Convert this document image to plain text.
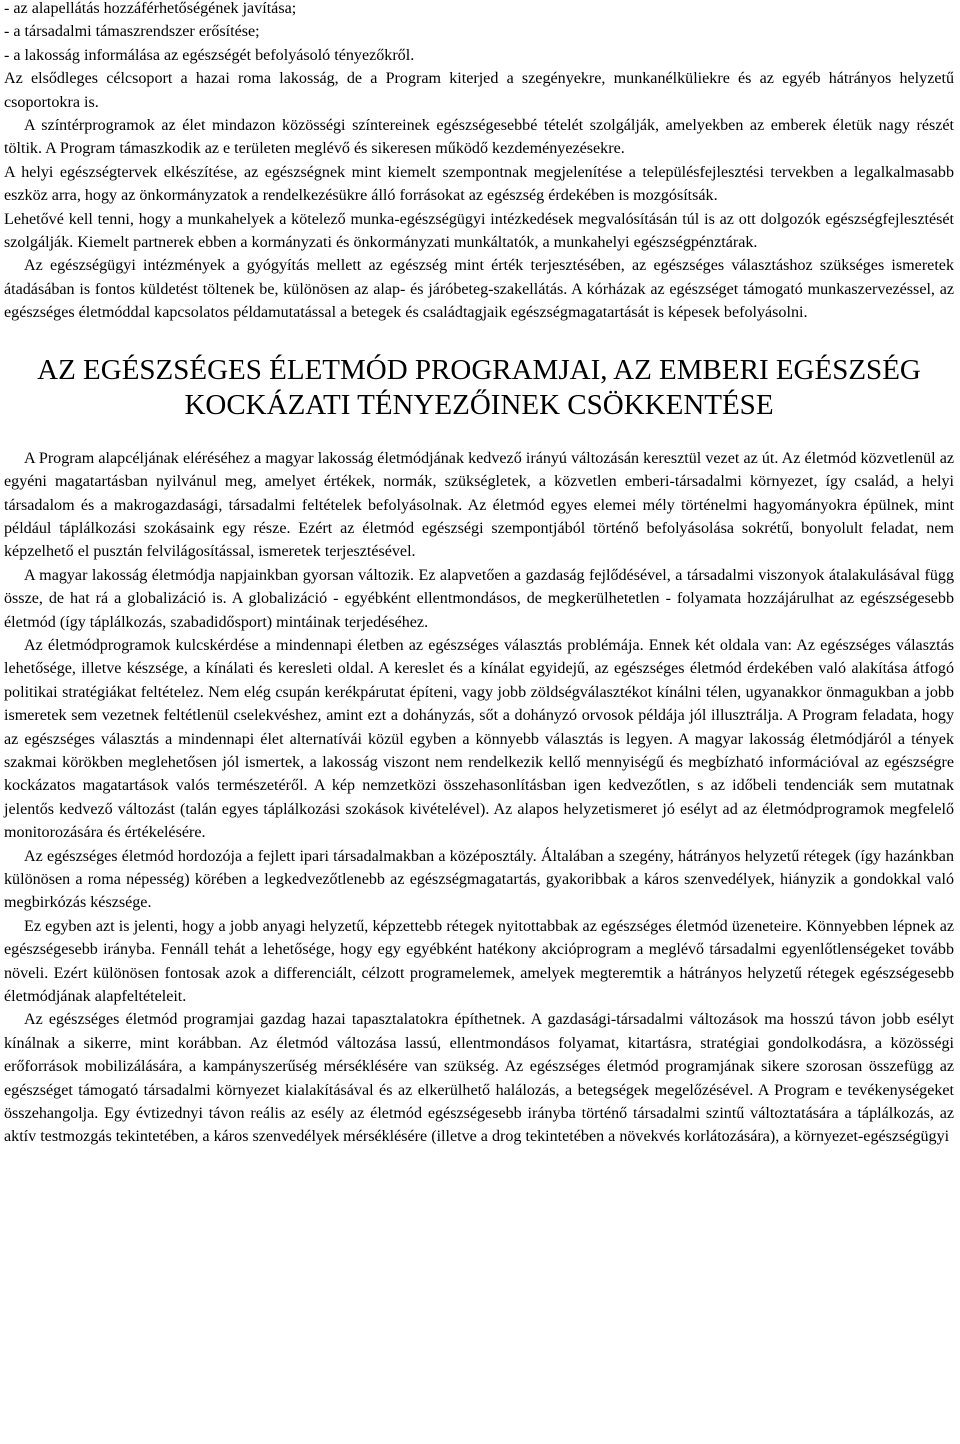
- az alapellátás hozzáférhetőségének javítása;
- a társadalmi támaszrendszer erősítése;
- a lakosság informálása az egészségét befolyásoló tényezőkről.

Az elsődleges célcsoport a hazai roma lakosság, de a Program kiterjed a szegényekre, munkanélküliekre és az egyéb hátrányos helyzetű csoportokra is.

A színtérprogramok az élet mindazon közösségi színtereinek egészségesebbé tételét szolgálják, amelyekben az emberek életük nagy részét töltik. A Program támaszkodik az e területen meglévő és sikeresen működő kezdeményezésekre.

A helyi egészségtervek elkészítése, az egészségnek mint kiemelt szempontnak megjelenítése a településfejlesztési tervekben a legalkalmasabb eszköz arra, hogy az önkormányzatok a rendelkezésükre álló forrásokat az egészség érdekében is mozgósítsák.

Lehetővé kell tenni, hogy a munkahelyek a kötelező munka-egészségügyi intézkedések megvalósításán túl is az ott dolgozók egészségfejlesztését szolgálják. Kiemelt partnerek ebben a kormányzati és önkormányzati munkáltatók, a munkahelyi egészségpénztárak.

Az egészségügyi intézmények a gyógyítás mellett az egészség mint érték terjesztésében, az egészséges választáshoz szükséges ismeretek átadásában is fontos küldetést töltenek be, különösen az alap- és járóbeteg-szakellátás. A kórházak az egészséget támogató munkaszervezéssel, az egészséges életmóddal kapcsolatos példamutatással a betegek és családtagjaik egészségmagatartását is képesek befolyásolni.

AZ EGÉSZSÉGES ÉLETMÓD PROGRAMJAI, AZ EMBERI EGÉSZSÉG
KOCKÁZATI TÉNYEZŐINEK CSÖKKENTÉSE

A Program alapcéljának eléréséhez a magyar lakosság életmódjának kedvező irányú változásán keresztül vezet az út. Az életmód közvetlenül az egyéni magatartásban nyilvánul meg, amelyet értékek, normák, szükségletek, a közvetlen emberi-társadalmi környezet, így család, a helyi társadalom és a makrogazdasági, társadalmi feltételek befolyásolnak. Az életmód egyes elemei mély történelmi hagyományokra épülnek, mint például táplálkozási szokásaink egy része. Ezért az életmód egészségi szempontjából történő befolyásolása sokrétű, bonyolult feladat, nem képzelhető el pusztán felvilágosítással, ismeretek terjesztésével.

A magyar lakosság életmódja napjainkban gyorsan változik. Ez alapvetően a gazdaság fejlődésével, a társadalmi viszonyok átalakulásával függ össze, de hat rá a globalizáció is. A globalizáció - egyébként ellentmondásos, de megkerülhetetlen - folyamata hozzájárulhat az egészségesebb életmód (így táplálkozás, szabadidősport) mintáinak terjedéséhez.

Az életmódprogramok kulcskérdése a mindennapi életben az egészséges választás problémája. Ennek két oldala van: Az egészséges választás lehetősége, illetve készsége, a kínálati és keresleti oldal. A kereslet és a kínálat egyidejű, az egészséges életmód érdekében való alakítása átfogó politikai stratégiákat feltételez. Nem elég csupán kerékpárutat építeni, vagy jobb zöldségválasztékot kínálni télen, ugyanakkor önmagukban a jobb ismeretek sem vezetnek feltétlenül cselekvéshez, amint ezt a dohányzás, sőt a dohányzó orvosok példája jól illusztrálja. A Program feladata, hogy az egészséges választás a mindennapi élet alternatívái közül egyben a könnyebb választás is legyen. A magyar lakosság életmódjáról a tények szakmai körökben meglehetősen jól ismertek, a lakosság viszont nem rendelkezik kellő mennyiségű és megbízható információval az egészségre kockázatos magatartások valós természetéről. A kép nemzetközi összehasonlításban igen kedvezőtlen, s az időbeli tendenciák sem mutatnak jelentős kedvező változást (talán egyes táplálkozási szokások kivételével). Az alapos helyzetismeret jó esélyt ad az életmódprogramok megfelelő monitorozására és értékelésére.

Az egészséges életmód hordozója a fejlett ipari társadalmakban a középosztály. Általában a szegény, hátrányos helyzetű rétegek (így hazánkban különösen a roma népesség) körében a legkedvezőtlenebb az egészségmagatartás, gyakoribbak a káros szenvedélyek, hiányzik a gondokkal való megbirkózás készsége.

Ez egyben azt is jelenti, hogy a jobb anyagi helyzetű, képzettebb rétegek nyitottabbak az egészséges életmód üzeneteire. Könnyebben lépnek az egészségesebb irányba. Fennáll tehát a lehetősége, hogy egy egyébként hatékony akcióprogram a meglévő társadalmi egyenlőtlenségeket tovább növeli. Ezért különösen fontosak azok a differenciált, célzott programelemek, amelyek megteremtik a hátrányos helyzetű rétegek egészségesebb életmódjának alapfeltételeit.

Az egészséges életmód programjai gazdag hazai tapasztalatokra építhetnek. A gazdasági-társadalmi változások ma hosszú távon jobb esélyt kínálnak a sikerre, mint korábban. Az életmód változása lassú, ellentmondásos folyamat, kitartásra, stratégiai gondolkodásra, a közösségi erőforrások mobilizálására, a kampányszerűség mérséklésére van szükség. Az egészséges életmód programjának sikere szorosan összefügg az egészséget támogató társadalmi környezet kialakításával és az elkerülhető halálozás, a betegségek megelőzésével. A Program e tevékenységeket összehangolja. Egy évtizednyi távon reális az esély az életmód egészségesebb irányba történő társadalmi szintű változtatására a táplálkozás, az aktív testmozgás tekintetében, a káros szenvedélyek mérséklésére (illetve a drog tekintetében a növekvés korlátozására), a környezet-egészségügyi
